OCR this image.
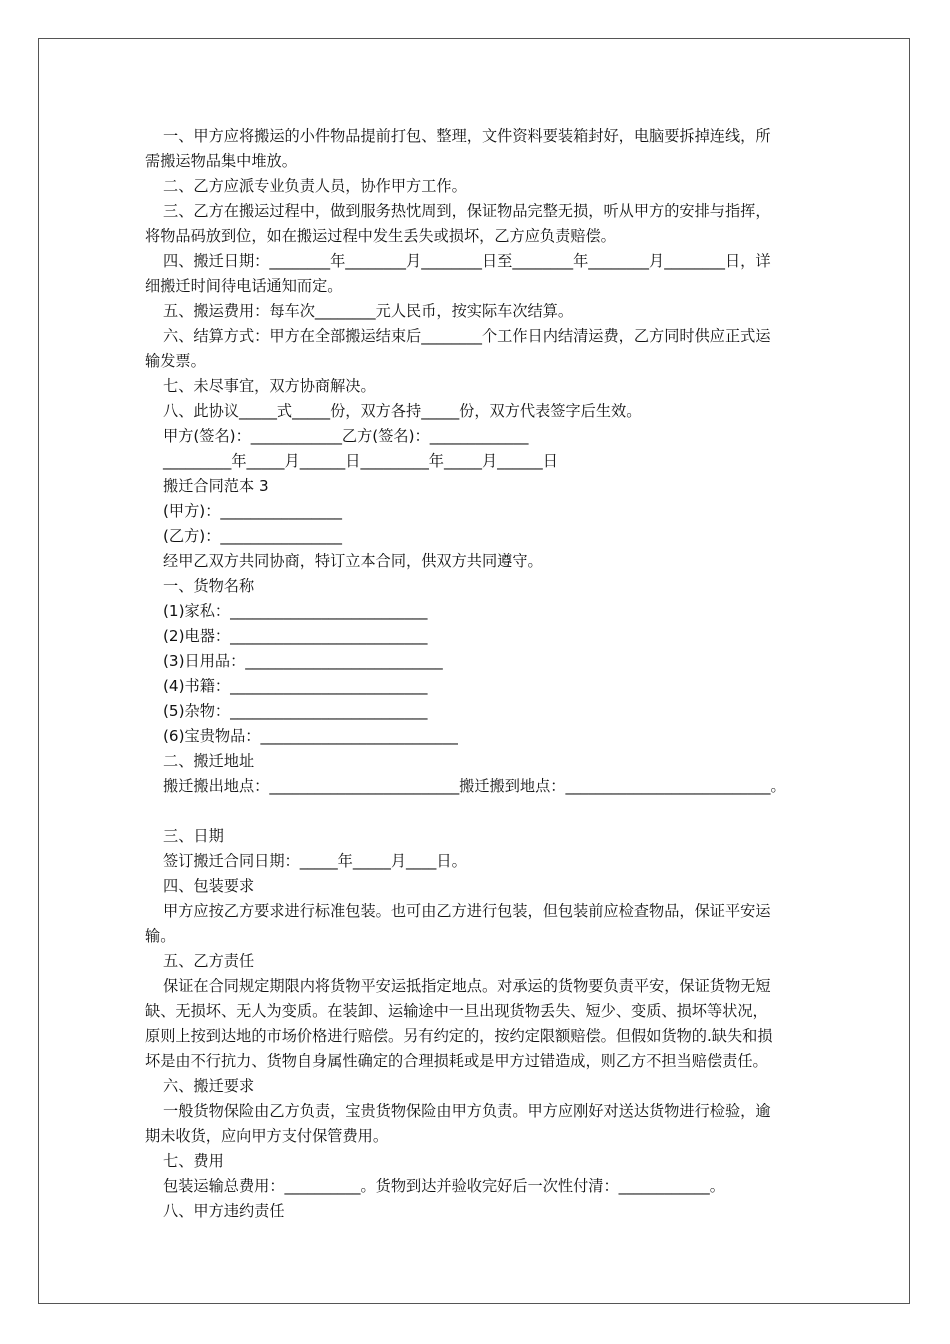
一、甲方应将搬运的小件物品提前打包、整理，文件资料要装箱封好，电脑要拆掉连线，所

需搬运物品集中堆放。

二、乙方应派专业负责人员，协作甲方工作。

三、乙方在搬运过程中，做到服务热忱周到，保证物品完整无损，听从甲方的安排与指挥，

将物品码放到位，如在搬运过程中发生丢失或损坏，乙方应负责赔偿。

四、搬迁日期：________年________月________日至________年________月________日，详

细搬迁时间待电话通知而定。

五、搬运费用：每车次________元人民币，按实际车次结算。

六、结算方式：甲方在全部搬运结束后________个工作日内结清运费，乙方同时供应正式运

输发票。

七、未尽事宜，双方协商解决。

八、此协议_____式_____份，双方各持_____份，双方代表签字后生效。

甲方(签名)：____________乙方(签名)：_____________

_________年_____月______日_________年_____月______日

搬迁合同范本 3

(甲方)：________________

(乙方)：________________

经甲乙双方共同协商，特订立本合同，供双方共同遵守。

一、货物名称

(1)家私：__________________________

(2)电器：__________________________

(3)日用品：__________________________

(4)书籍：__________________________

(5)杂物：__________________________

(6)宝贵物品：__________________________

二、搬迁地址

搬迁搬出地点：_________________________搬迁搬到地点：___________________________。

三、日期

签订搬迁合同日期：_____年_____月____日。

四、包装要求

甲方应按乙方要求进行标准包装。也可由乙方进行包装，但包装前应检查物品，保证平安运

输。

五、乙方责任

保证在合同规定期限内将货物平安运抵指定地点。对承运的货物要负责平安，保证货物无短

缺、无损坏、无人为变质。在装卸、运输途中一旦出现货物丢失、短少、变质、损坏等状况，

原则上按到达地的市场价格进行赔偿。另有约定的，按约定限额赔偿。但假如货物的.缺失和损

坏是由不行抗力、货物自身属性确定的合理损耗或是甲方过错造成，则乙方不担当赔偿责任。

六、搬迁要求

一般货物保险由乙方负责，宝贵货物保险由甲方负责。甲方应刚好对送达货物进行检验，逾

期未收货，应向甲方支付保管费用。

七、费用

包装运输总费用：__________。货物到达并验收完好后一次性付清：____________。

八、甲方违约责任
